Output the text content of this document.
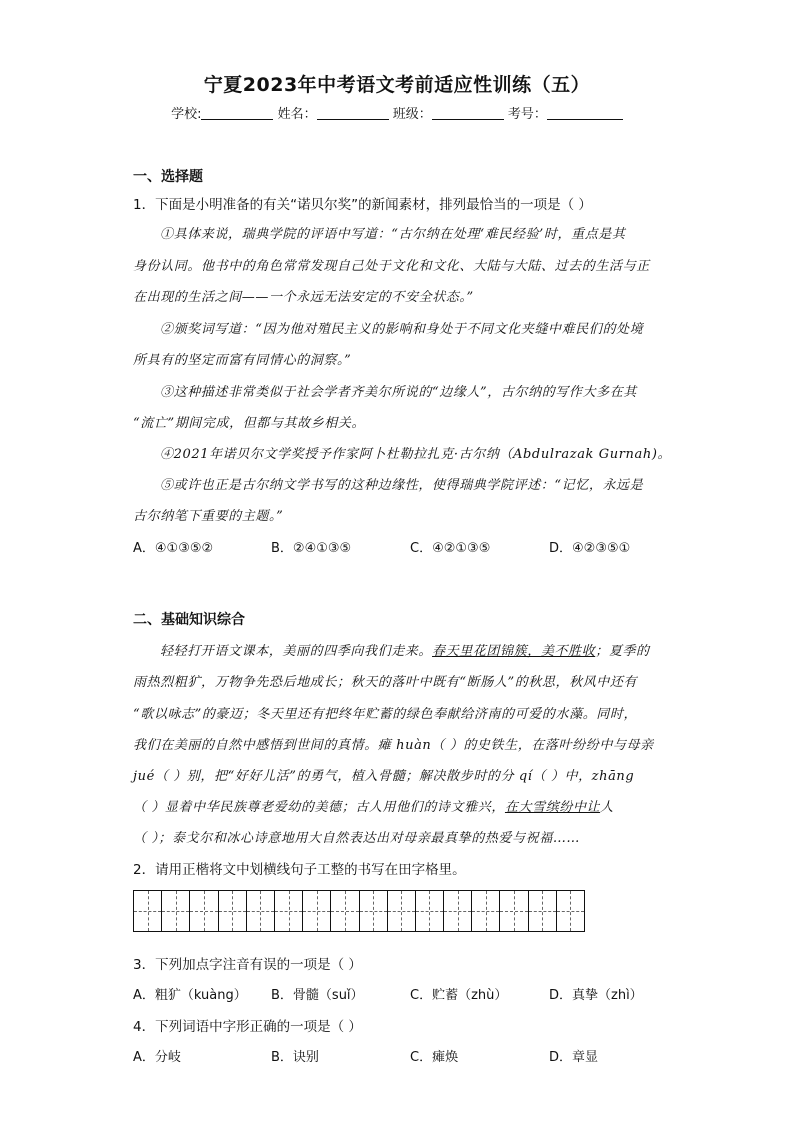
宁夏2023年中考语文考前适应性训练（五）
学校:	姓名：	班级：	考号：
一、选择题
1．下面是小明准备的有关“诺贝尔奖”的新闻素材，排列最恰当的一项是（ ）
①具体来说，瑞典学院的评语中写道：“古尔纳在处理‘难民经验’时，重点是其
身份认同。他书中的角色常常发现自己处于文化和文化、大陆与大陆、过去的生活与正
在出现的生活之间——一个永远无法安定的不安全状态。”
②颁奖词写道：“因为他对殖民主义的影响和身处于不同文化夹缝中难民们的处境
所具有的坚定而富有同情心的洞察。”
③这种描述非常类似于社会学者齐美尔所说的“边缘人”，古尔纳的写作大多在其
“流亡”期间完成，但都与其故乡相关。
④2021年诺贝尔文学奖授予作家阿卜杜勒拉扎克·古尔纳（Abdulrazak Gurnah)。
⑤或许也正是古尔纳文学书写的这种边缘性，使得瑞典学院评述：“记忆，永远是
古尔纳笔下重要的主题。”
A．④①③⑤②	B．②④①③⑤	C．④②①③⑤	D．④②③⑤①
二、基础知识综合
轻轻打开语文课本，美丽的四季向我们走来。春天里花团锦簇，美不胜收；夏季的
雨热烈粗犷，万物争先恐后地成长；秋天的落叶中既有“断肠人”的秋思，秋风中还有
“歌以咏志”的豪迈；冬天里还有把终年贮蓄的绿色奉献给济南的可爱的水藻。同时，
我们在美丽的自然中感悟到世间的真情。瘫 huàn（ ）的史铁生，在落叶纷纷中与母亲
jué（ ）别，把“好好儿活”的勇气，植入骨髓；解决散步时的分 qí（ ）中，zhāng
（ ）显着中华民族尊老爱幼的美德；古人用他们的诗文雅兴，在大雪缤纷中让人
（ ）；泰戈尔和冰心诗意地用大自然表达出对母亲最真挚的热爱与祝福……
2．请用正楷将文中划横线句子工整的书写在田字格里。
3．下列加点字注音有误的一项是（ ）
A．粗犷（kuàng） B．骨髓（suǐ）	C．贮蓄（zhù）	D．真挚（zhì）
4．下列词语中字形正确的一项是（ ）
A．分岐	B．诀别	C．瘫焕	D．章显
